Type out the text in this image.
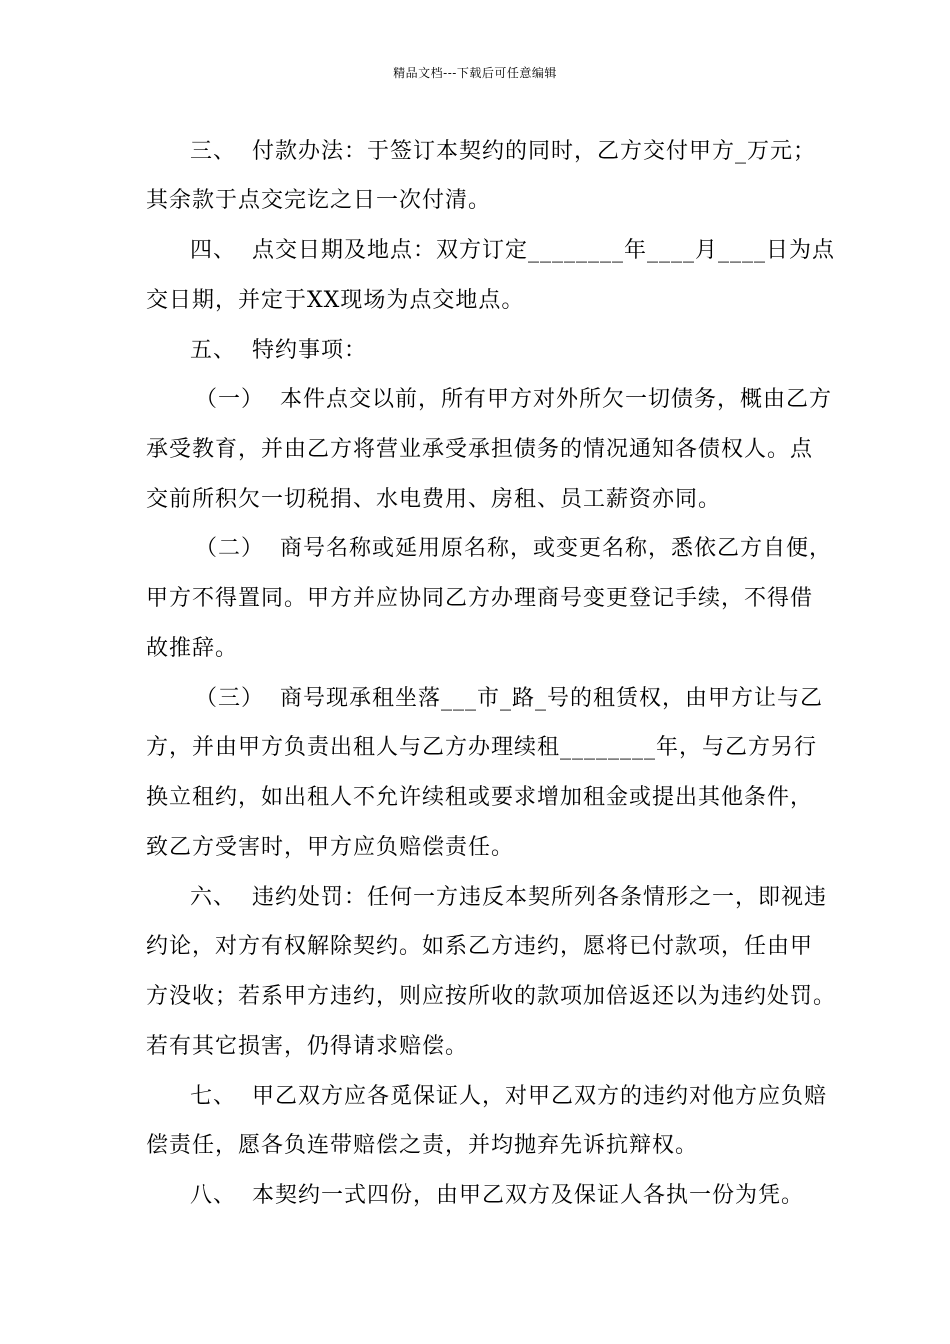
精品文档---下载后可任意编辑
三、  付款办法：于签订本契约的同时，乙方交付甲方_万元；
其余款于点交完讫之日一次付清。
四、  点交日期及地点：双方订定________年____月____日为点
交日期，并定于XX现场为点交地点。
五、  特约事项：
（一）  本件点交以前，所有甲方对外所欠一切债务，概由乙方
承受教育，并由乙方将营业承受承担债务的情况通知各债权人。点
交前所积欠一切税捐、水电费用、房租、员工薪资亦同。
（二）  商号名称或延用原名称，或变更名称，悉依乙方自便，
甲方不得置同。甲方并应协同乙方办理商号变更登记手续，不得借
故推辞。
（三）  商号现承租坐落___市_路_号的租赁权，由甲方让与乙
方，并由甲方负责出租人与乙方办理续租________年，与乙方另行
换立租约，如出租人不允许续租或要求增加租金或提出其他条件，
致乙方受害时，甲方应负赔偿责任。
六、  违约处罚：任何一方违反本契所列各条情形之一，即视违
约论，对方有权解除契约。如系乙方违约，愿将已付款项，任由甲
方没收；若系甲方违约，则应按所收的款项加倍返还以为违约处罚。
若有其它损害，仍得请求赔偿。
七、  甲乙双方应各觅保证人，对甲乙双方的违约对他方应负赔
偿责任，愿各负连带赔偿之责，并均抛弃先诉抗辩权。
八、  本契约一式四份，由甲乙双方及保证人各执一份为凭。
